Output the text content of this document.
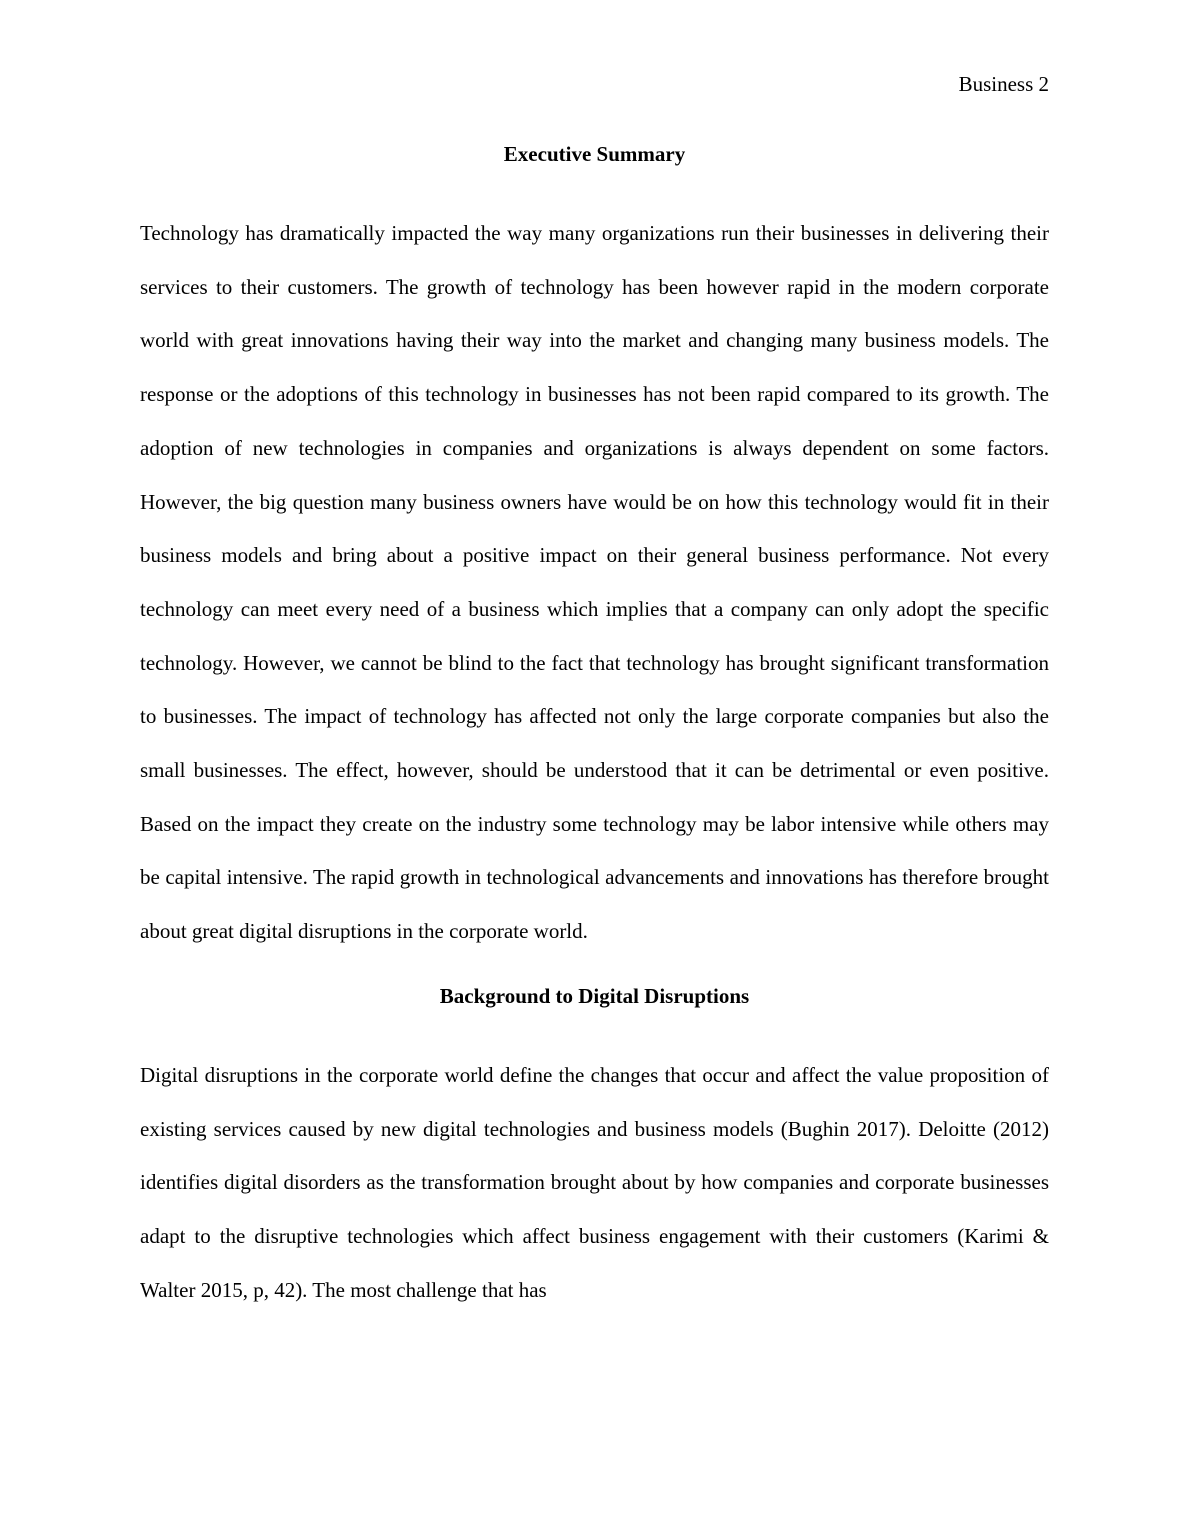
Business 2
Executive Summary

Technology has dramatically impacted the way many organizations run their businesses in delivering their services to their customers. The growth of technology has been however rapid in the modern corporate world with great innovations having their way into the market and changing many business models. The response or the adoptions of this technology in businesses has not been rapid compared to its growth. The adoption of new technologies in companies and organizations is always dependent on some factors. However, the big question many business owners have would be on how this technology would fit in their business models and bring about a positive impact on their general business performance. Not every technology can meet every need of a business which implies that a company can only adopt the specific technology. However, we cannot be blind to the fact that technology has brought significant transformation to businesses. The impact of technology has affected not only the large corporate companies but also the small businesses. The effect, however, should be understood that it can be detrimental or even positive. Based on the impact they create on the industry some technology may be labor intensive while others may be capital intensive. The rapid growth in technological advancements and innovations has therefore brought about great digital disruptions in the corporate world.

Background to Digital Disruptions

Digital disruptions in the corporate world define the changes that occur and affect the value proposition of existing services caused by new digital technologies and business models (Bughin 2017). Deloitte (2012) identifies digital disorders as the transformation brought about by how companies and corporate businesses adapt to the disruptive technologies which affect business engagement with their customers (Karimi & Walter 2015, p, 42). The most challenge that has
